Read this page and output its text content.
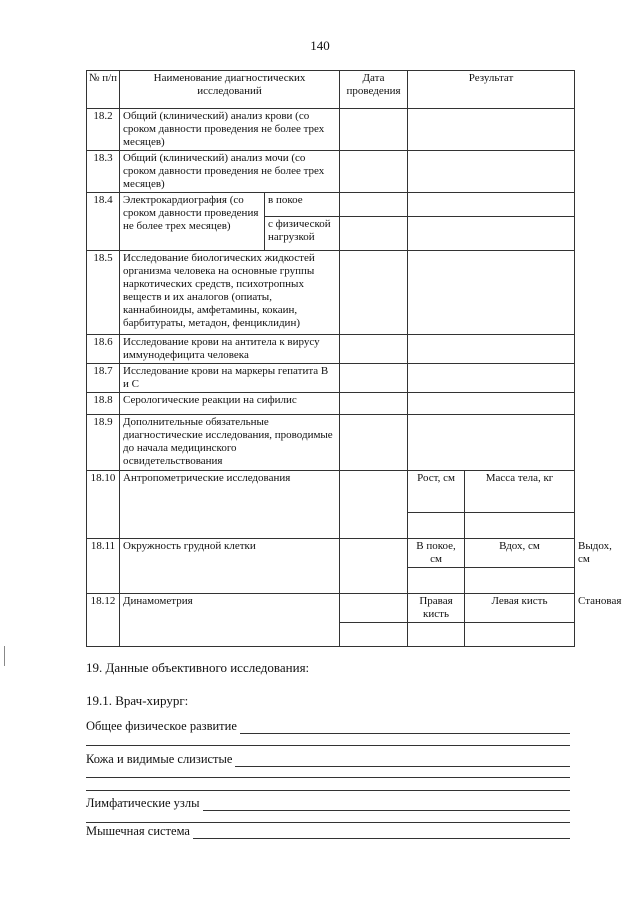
140
№ п/п	Наименование диагностических исследований		Дата проведения	Результат		
18.2	Общий (клинический) анализ крови (со сроком давности проведения не более трех месяцев)					
18.3	Общий (клинический) анализ мочи (со сроком давности проведения не более трех месяцев)					
18.4	Электрокардиография (со сроком давности проведения не более трех месяцев)	в покое				
		с физической нагрузкой				
18.5	Исследование биологических жидкостей организма человека на основные группы наркотических средств, психотропных веществ и их аналогов (опиаты, каннабиноиды, амфетамины, кокаин, барбитураты, метадон, фенциклидин)					
18.6	Исследование крови на антитела к вирусу иммунодефицита человека					
18.7	Исследование крови на маркеры гепатита В и С					
18.8	Серологические реакции на сифилис					
18.9	Дополнительные обязательные диагностические исследования, проводимые до начала медицинского освидетельствования					
18.10	Антропометрические исследования			Рост, см	Масса тела, кг	

18.11	Окружность грудной клетки			В покое, см	Вдох, см	Выдох, см

18.12	Динамометрия			Правая кисть	Левая кисть	Становая

19. Данные объективного исследования:
19.1. Врач-хирург:
Общее физическое развитие
Кожа и видимые слизистые
Лимфатические узлы
Мышечная система
